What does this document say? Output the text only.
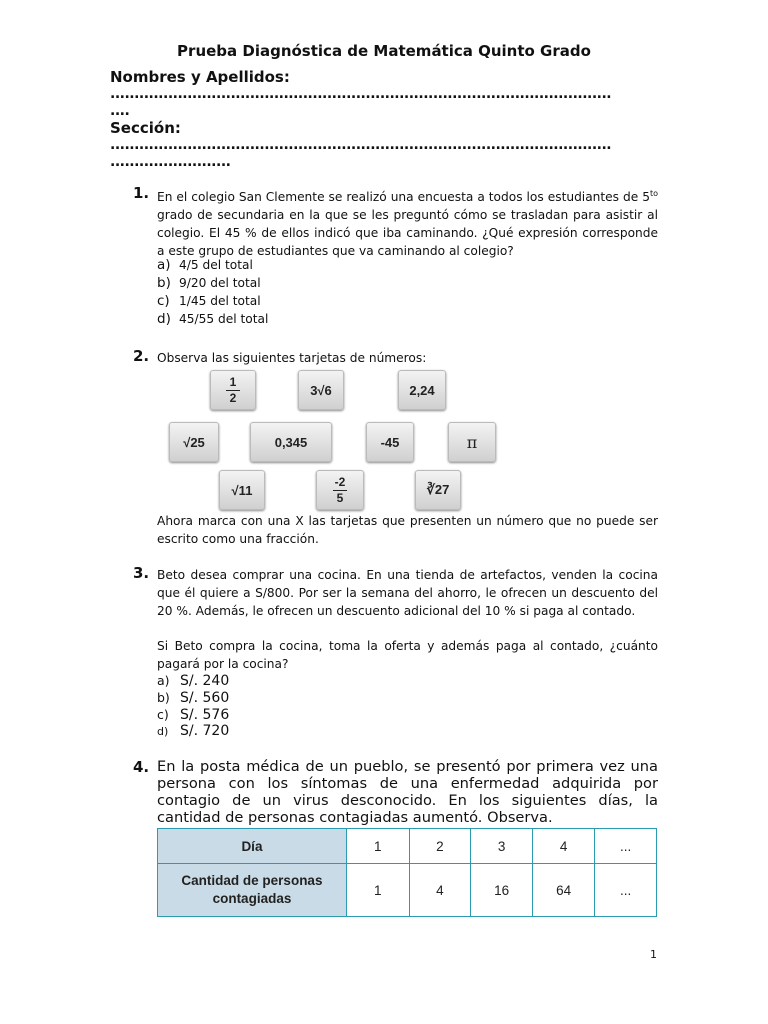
Prueba Diagnóstica de Matemática Quinto Grado
Nombres y Apellidos:
........................................................................................................
....
Sección:
........................................................................................................
.........................
1. En el colegio San Clemente se realizó una encuesta a todos los estudiantes de $5^{to}$ grado de secundaria en la que se les preguntó cómo se trasladan para asistir al colegio. El 45 % de ellos indicó que iba caminando. ¿Qué expresión corresponde a este grupo de estudiantes que va caminando al colegio?
a) 4/5 del total
b) 9/20 del total
c) 1/45 del total
d) 45/55 del total
2. Observa las siguientes tarjetas de números:
$\frac{1}{2}$	3√6	2,24
√25	0,345	-45	π
√11	$\frac{-2}{5}$	∛27
Ahora marca con una X las tarjetas que presenten un número que no puede ser escrito como una fracción.
3. Beto desea comprar una cocina. En una tienda de artefactos, venden la cocina que él quiere a S/800. Por ser la semana del ahorro, le ofrecen un descuento del 20 %. Además, le ofrecen un descuento adicional del 10 % si paga al contado.
Si Beto compra la cocina, toma la oferta y además paga al contado, ¿cuánto pagará por la cocina?
a) S/. 240
b) S/. 560
c) S/. 576
d) S/. 720
4. En la posta médica de un pueblo, se presentó por primera vez una persona con los síntomas de una enfermedad adquirida por contagio de un virus desconocido. En los siguientes días, la cantidad de personas contagiadas aumentó. Observa.
Día	1	2	3	4	...
Cantidad de personas contagiadas	1	4	16	64	...
1
